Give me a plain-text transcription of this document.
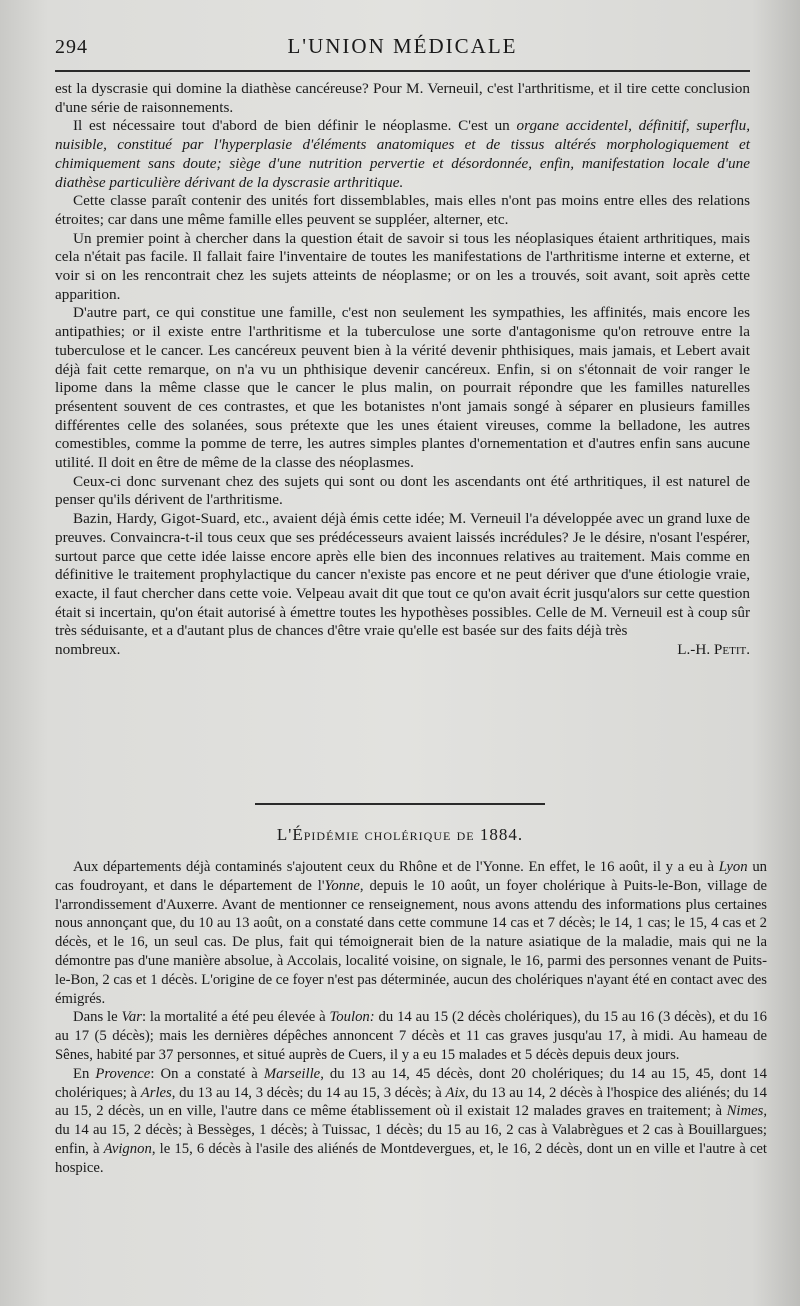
294	L'UNION MÉDICALE

est la dyscrasie qui domine la diathèse cancéreuse? Pour M. Verneuil, c'est l'arthritisme, et il tire cette conclusion d'une série de raisonnements.

Il est nécessaire tout d'abord de bien définir le néoplasme. C'est un organe accidentel, définitif, superflu, nuisible, constitué par l'hyperplasie d'éléments anatomiques et de tissus altérés morphologiquement et chimiquement sans doute; siège d'une nutrition pervertie et désordonnée, enfin, manifestation locale d'une diathèse particulière dérivant de la dyscrasie arthritique.

Cette classe paraît contenir des unités fort dissemblables, mais elles n'ont pas moins entre elles des relations étroites; car dans une même famille elles peuvent se suppléer, alterner, etc.

Un premier point à chercher dans la question était de savoir si tous les néoplasiques étaient arthritiques, mais cela n'était pas facile. Il fallait faire l'inventaire de toutes les manifestations de l'arthritisme interne et externe, et voir si on les rencontrait chez les sujets atteints de néoplasme; or on les a trouvés, soit avant, soit après cette apparition.

D'autre part, ce qui constitue une famille, c'est non seulement les sympathies, les affinités, mais encore les antipathies; or il existe entre l'arthritisme et la tuberculose une sorte d'antagonisme qu'on retrouve entre la tuberculose et le cancer. Les cancéreux peuvent bien à la vérité devenir phthisiques, mais jamais, et Lebert avait déjà fait cette remarque, on n'a vu un phthisique devenir cancéreux. Enfin, si on s'étonnait de voir ranger le lipome dans la même classe que le cancer le plus malin, on pourrait répondre que les familles naturelles présentent souvent de ces contrastes, et que les botanistes n'ont jamais songé à séparer en plusieurs familles différentes celle des solanées, sous prétexte que les unes étaient vireuses, comme la belladone, les autres comestibles, comme la pomme de terre, les autres simples plantes d'ornementation et d'autres enfin sans aucune utilité. Il doit en être de même de la classe des néoplasmes.

Ceux-ci donc survenant chez des sujets qui sont ou dont les ascendants ont été arthritiques, il est naturel de penser qu'ils dérivent de l'arthritisme.

Bazin, Hardy, Gigot-Suard, etc., avaient déjà émis cette idée; M. Verneuil l'a développée avec un grand luxe de preuves. Convaincra-t-il tous ceux que ses prédécesseurs avaient laissés incrédules? Je le désire, n'osant l'espérer, surtout parce que cette idée laisse encore après elle bien des inconnues relatives au traitement. Mais comme en définitive le traitement prophylactique du cancer n'existe pas encore et ne peut dériver que d'une étiologie vraie, exacte, il faut chercher dans cette voie. Velpeau avait dit que tout ce qu'on avait écrit jusqu'alors sur cette question était si incertain, qu'on était autorisé à émettre toutes les hypothèses possibles. Celle de M. Verneuil est à coup sûr très séduisante, et a d'autant plus de chances d'être vraie qu'elle est basée sur des faits déjà très

nombreux.	L.-H. Petit.
L'Épidémie cholérique de 1884.

Aux départements déjà contaminés s'ajoutent ceux du Rhône et de l'Yonne. En effet, le 16 août, il y a eu à Lyon un cas foudroyant, et dans le département de l'Yonne, depuis le 10 août, un foyer cholérique à Puits-le-Bon, village de l'arrondissement d'Auxerre. Avant de mentionner ce renseignement, nous avons attendu des informations plus certaines nous annonçant que, du 10 au 13 août, on a constaté dans cette commune 14 cas et 7 décès; le 14, 1 cas; le 15, 4 cas et 2 décès, et le 16, un seul cas. De plus, fait qui témoignerait bien de la nature asiatique de la maladie, mais qui ne la démontre pas d'une manière absolue, à Accolais, localité voisine, on signale, le 16, parmi des personnes venant de Puits-le-Bon, 2 cas et 1 décès. L'origine de ce foyer n'est pas déterminée, aucun des cholériques n'ayant été en contact avec des émigrés.

Dans le Var: la mortalité a été peu élevée à Toulon: du 14 au 15 (2 décès cholériques), du 15 au 16 (3 décès), et du 16 au 17 (5 décès); mais les dernières dépêches annoncent 7 décès et 11 cas graves jusqu'au 17, à midi. Au hameau de Sênes, habité par 37 personnes, et situé auprès de Cuers, il y a eu 15 malades et 5 décès depuis deux jours.

En Provence: On a constaté à Marseille, du 13 au 14, 45 décès, dont 20 cholériques; du 14 au 15, 45, dont 14 cholériques; à Arles, du 13 au 14, 3 décès; du 14 au 15, 3 décès; à Aix, du 13 au 14, 2 décès à l'hospice des aliénés; du 14 au 15, 2 décès, un en ville, l'autre dans ce même établissement où il existait 12 malades graves en traitement; à Nimes, du 14 au 15, 2 décès; à Bessèges, 1 décès; à Tuissac, 1 décès; du 15 au 16, 2 cas à Valabrègues et 2 cas à Bouillargues; enfin, à Avignon, le 15, 6 décès à l'asile des aliénés de Montdevergues, et, le 16, 2 décès, dont un en ville et l'autre à cet hospice.
